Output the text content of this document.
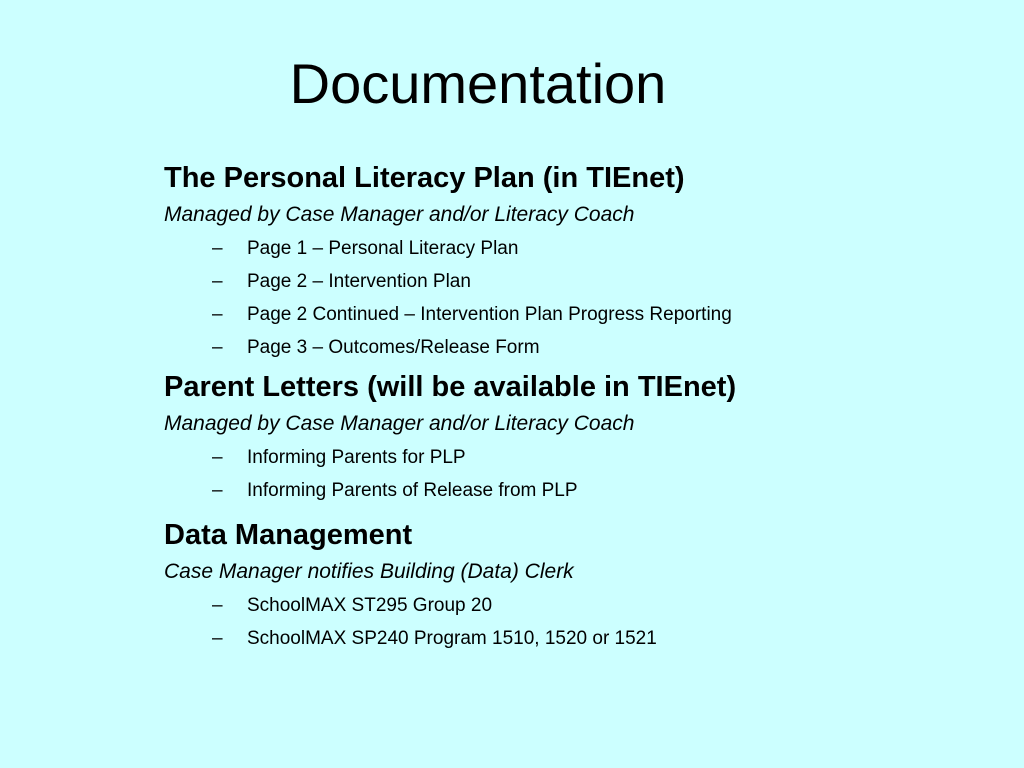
Documentation
The Personal Literacy Plan (in TIEnet)
Managed by Case Manager and/or Literacy Coach
– Page 1 – Personal Literacy Plan
– Page 2 – Intervention Plan
– Page 2 Continued – Intervention Plan Progress Reporting
– Page 3 – Outcomes/Release Form
Parent Letters (will be available in TIEnet)
Managed by Case Manager and/or Literacy Coach
– Informing Parents for PLP
– Informing Parents of Release from PLP
Data Management
Case Manager notifies Building (Data) Clerk
– SchoolMAX ST295 Group 20
– SchoolMAX SP240 Program 1510, 1520 or 1521
